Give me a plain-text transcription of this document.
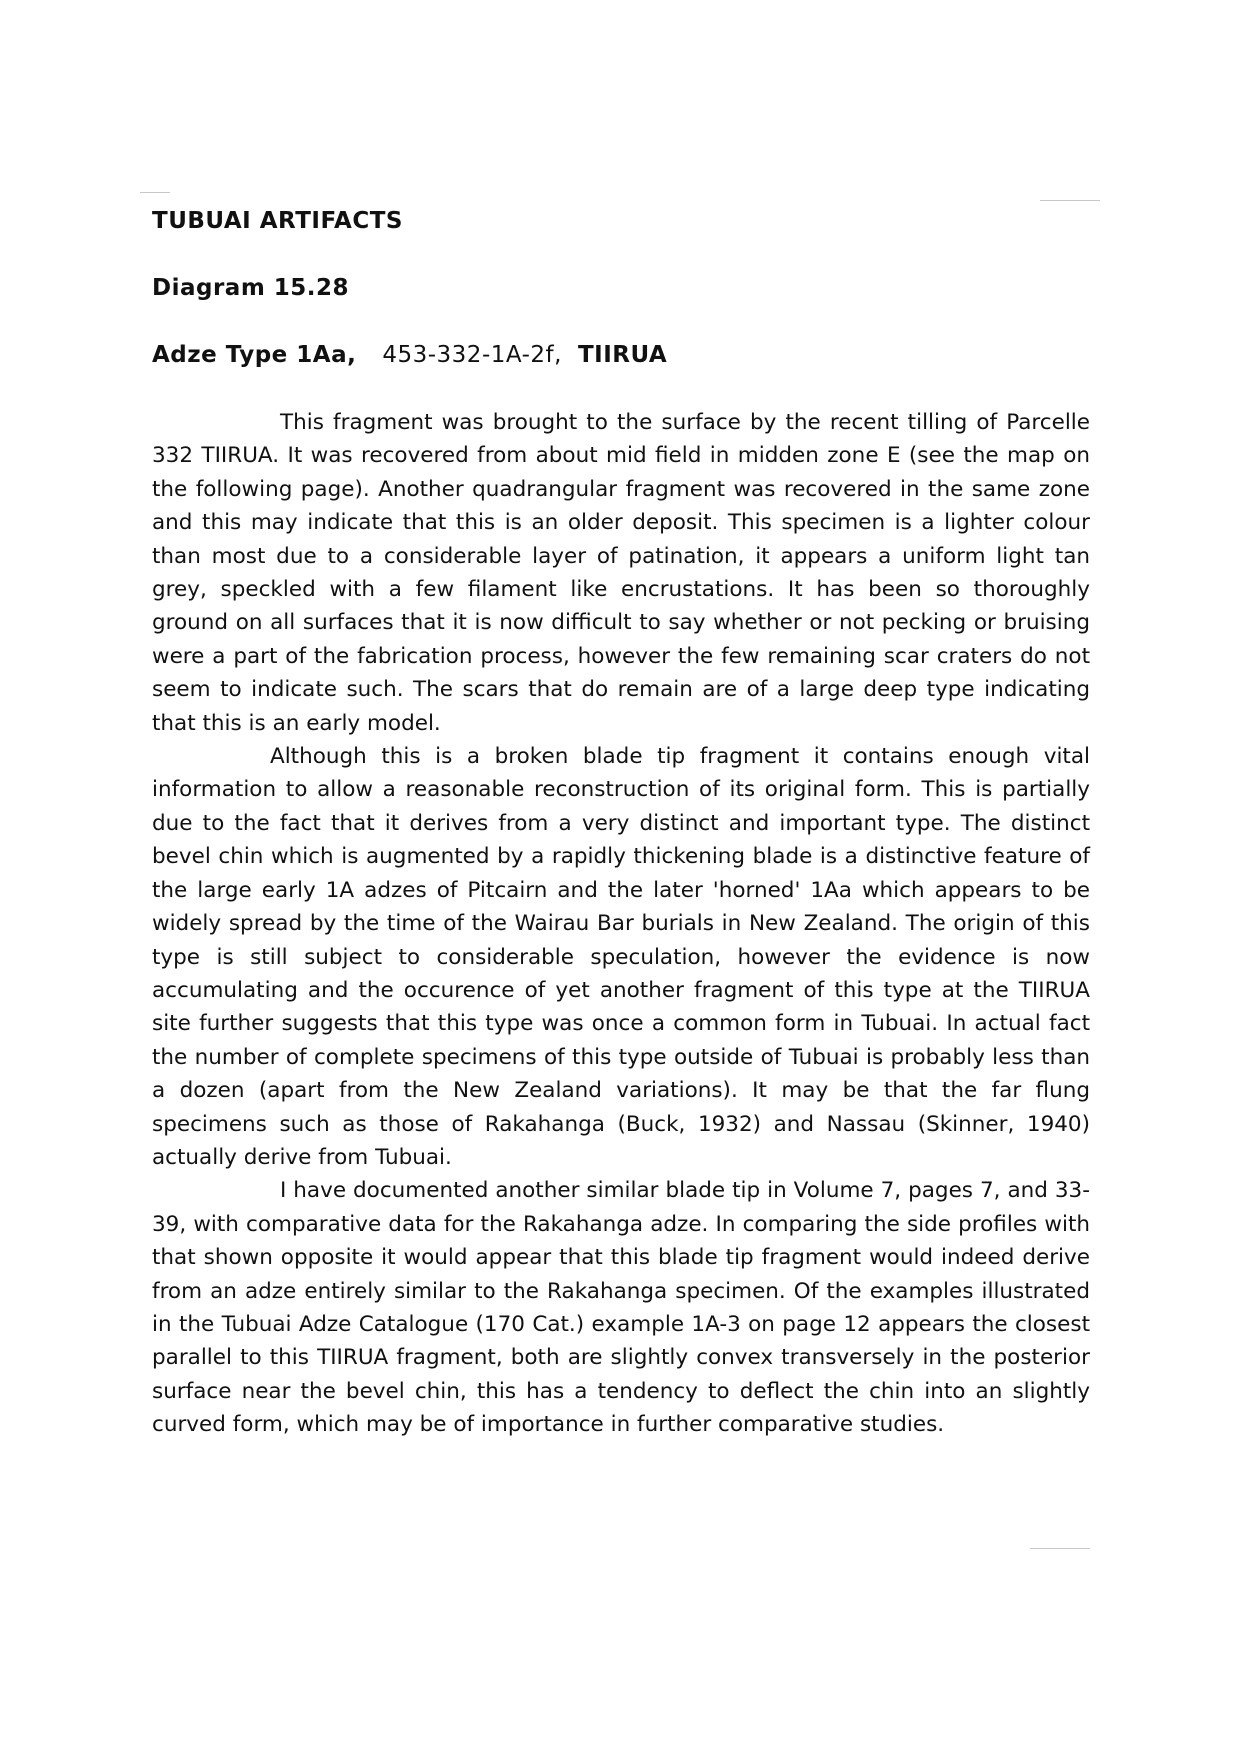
TUBUAI ARTIFACTS
Diagram 15.28
Adze Type 1Aa, 453-332-1A-2f, TIIRUA

This fragment was brought to the surface by the recent tilling of Parcelle 332 TIIRUA. It was recovered from about mid field in midden zone E (see the map on the following page). Another quadrangular fragment was recovered in the same zone and this may indicate that this is an older deposit. This specimen is a lighter colour than most due to a considerable layer of patination, it appears a uniform light tan grey, speckled with a few filament like encrustations. It has been so thoroughly ground on all surfaces that it is now difficult to say whether or not pecking or bruising were a part of the fabrication process, however the few remaining scar craters do not seem to indicate such. The scars that do remain are of a large deep type indicating that this is an early model.

Although this is a broken blade tip fragment it contains enough vital information to allow a reasonable reconstruction of its original form. This is partially due to the fact that it derives from a very distinct and important type. The distinct bevel chin which is augmented by a rapidly thickening blade is a distinctive feature of the large early 1A adzes of Pitcairn and the later 'horned' 1Aa which appears to be widely spread by the time of the Wairau Bar burials in New Zealand. The origin of this type is still subject to considerable speculation, however the evidence is now accumulating and the occurence of yet another fragment of this type at the TIIRUA site further suggests that this type was once a common form in Tubuai. In actual fact the number of complete specimens of this type outside of Tubuai is probably less than a dozen (apart from the New Zealand variations). It may be that the far flung specimens such as those of Rakahanga (Buck, 1932) and Nassau (Skinner, 1940) actually derive from Tubuai.

I have documented another similar blade tip in Volume 7, pages 7, and 33-39, with comparative data for the Rakahanga adze. In comparing the side profiles with that shown opposite it would appear that this blade tip fragment would indeed derive from an adze entirely similar to the Rakahanga specimen. Of the examples illustrated in the Tubuai Adze Catalogue (170 Cat.) example 1A-3 on page 12 appears the closest parallel to this TIIRUA fragment, both are slightly convex transversely in the posterior surface near the bevel chin, this has a tendency to deflect the chin into an slightly curved form, which may be of importance in further comparative studies.
